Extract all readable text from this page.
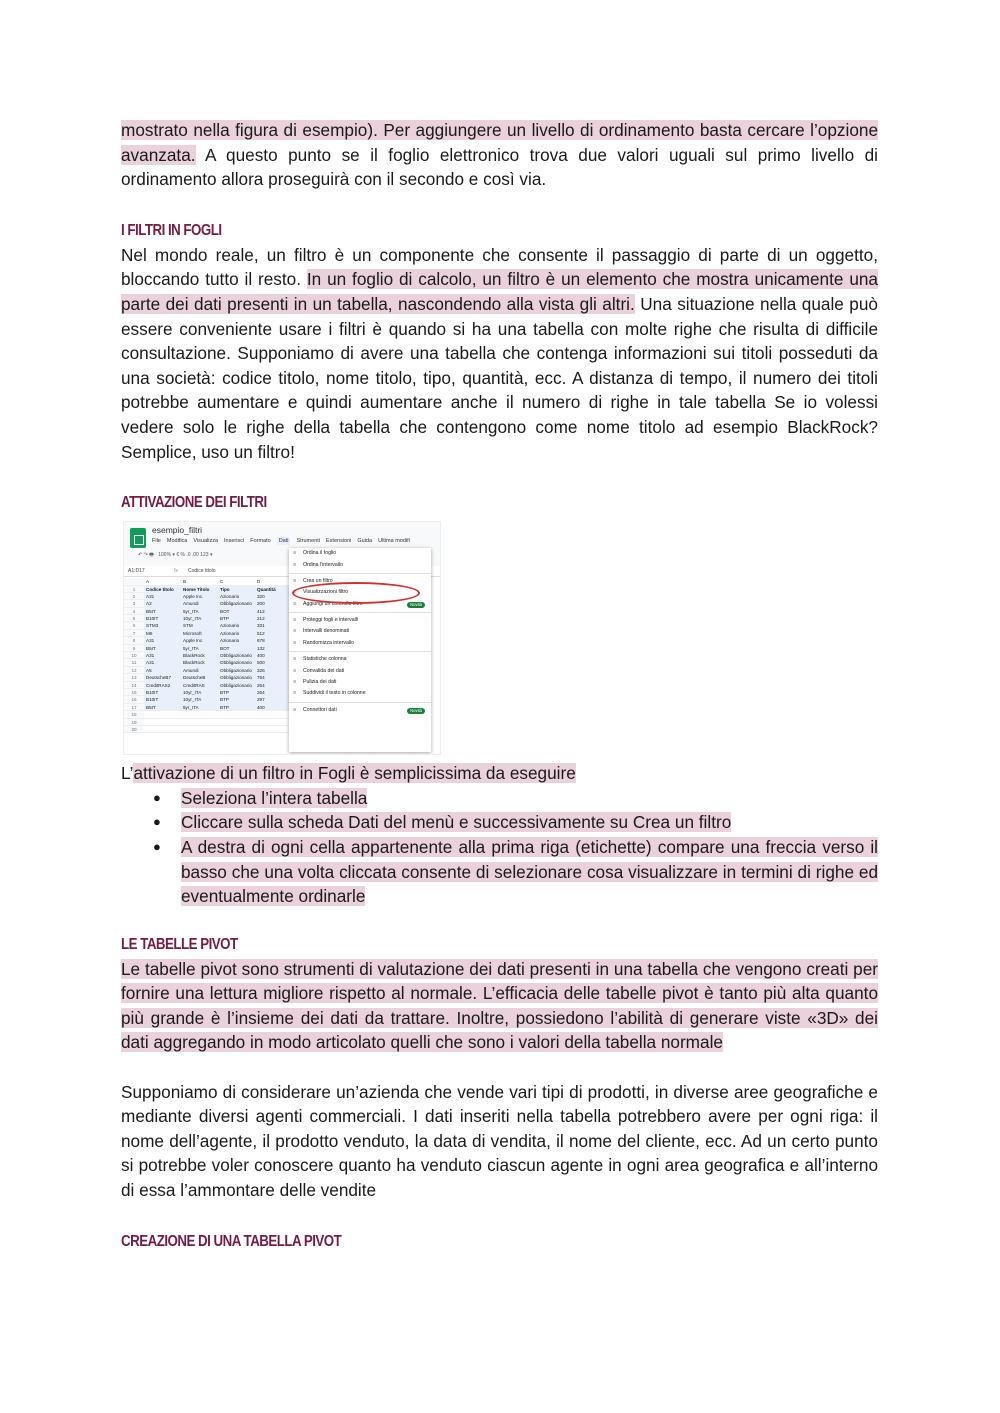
mostrato nella figura di esempio). Per aggiungere un livello di ordinamento basta cercare l’opzione avanzata. A questo punto se il foglio elettronico trova due valori uguali sul primo livello di ordinamento allora proseguirà con il secondo e così via.

I FILTRI IN FOGLI

Nel mondo reale, un filtro è un componente che consente il passaggio di parte di un oggetto, bloccando tutto il resto. In un foglio di calcolo, un filtro è un elemento che mostra unicamente una parte dei dati presenti in un tabella, nascondendo alla vista gli altri. Una situazione nella quale può essere conveniente usare i filtri è quando si ha una tabella con molte righe che risulta di difficile consultazione. Supponiamo di avere una tabella che contenga informazioni sui titoli posseduti da una società: codice titolo, nome titolo, tipo, quantità, ecc. A distanza di tempo, il numero dei titoli potrebbe aumentare e quindi aumentare anche il numero di righe in tale tabella Se io volessi vedere solo le righe della tabella che contengono come nome titolo ad esempio BlackRock? Semplice, uso un filtro!

ATTIVAZIONE DEI FILTRI
esempio_filtri
File Modifica Visualizza Inserisci Formato Dati Strumenti Estensioni Guida Ultima modifi
↶ ↷ 🖶 ⋅ 100% ▾ € % .0 .00 123 ▾
A1:D17	fx Codice titolo
A	B	C	D
1	Codice titolo	Nome Titolo	Tipo	Quantità
2	A31	Apple Inc.	Azionario	320
3	A2	Amundi	Obbligazionario	200
4	B5IT	5yr_ITA	BOT	412
5	B10IT	10yr_ITA	BTP	212
6	STM3	STM	Azionario	331
7	M5	Microsoft	Azionario	512
8	A31	Apple Inc.	Azionario	678
9	B5IT	5yr_ITA	BOT	132
10	A31	BlackRock	Obbligazionario	400
11	A31	BlackRock	Obbligazionario	500
12	A5	Amundi	Obbligazionario	326
13	DeutscheB7	DeutscheB	Obbligazionario	764
14	CreditRAS2	CreditRAS	Obbligazionario	264
15	B10IT	10yr_ITA	BTP	264
16	B10IT	10yr_ITA	BTP	297
17	B5IT	5yr_ITA	BTP	400
18
19
20
≡ Ordina il foglio
≡ Ordina l'intervallo
≡ Crea un filtro
≡ Visualizzazioni filtro
≡ Aggiungi un controllo filtro	Novità
≡ Proteggi fogli e intervalli
≡ Intervalli denominati
≡ Randomizza intervallo
≡ Statistiche colonna
≡ Convalida dei dati
≡ Pulizia dei dati
≡ Suddividi il testo in colonne
≡ Connettori dati	Novità

L’attivazione di un filtro in Fogli è semplicissima da eseguire

● Seleziona l’intera tabella
● Cliccare sulla scheda Dati del menù e successivamente su Crea un filtro
● A destra di ogni cella appartenente alla prima riga (etichette) compare una freccia verso il basso che una volta cliccata consente di selezionare cosa visualizzare in termini di righe ed eventualmente ordinarle
LE TABELLE PIVOT

Le tabelle pivot sono strumenti di valutazione dei dati presenti in una tabella che vengono creati per fornire una lettura migliore rispetto al normale. L’efficacia delle tabelle pivot è tanto più alta quanto più grande è l’insieme dei dati da trattare. Inoltre, possiedono l’abilità di generare viste «3D» dei dati aggregando in modo articolato quelli che sono i valori della tabella normale

Supponiamo di considerare un’azienda che vende vari tipi di prodotti, in diverse aree geografiche e mediante diversi agenti commerciali. I dati inseriti nella tabella potrebbero avere per ogni riga: il nome dell’agente, il prodotto venduto, la data di vendita, il nome del cliente, ecc. Ad un certo punto si potrebbe voler conoscere quanto ha venduto ciascun agente in ogni area geografica e all’interno di essa l’ammontare delle vendite

CREAZIONE DI UNA TABELLA PIVOT
